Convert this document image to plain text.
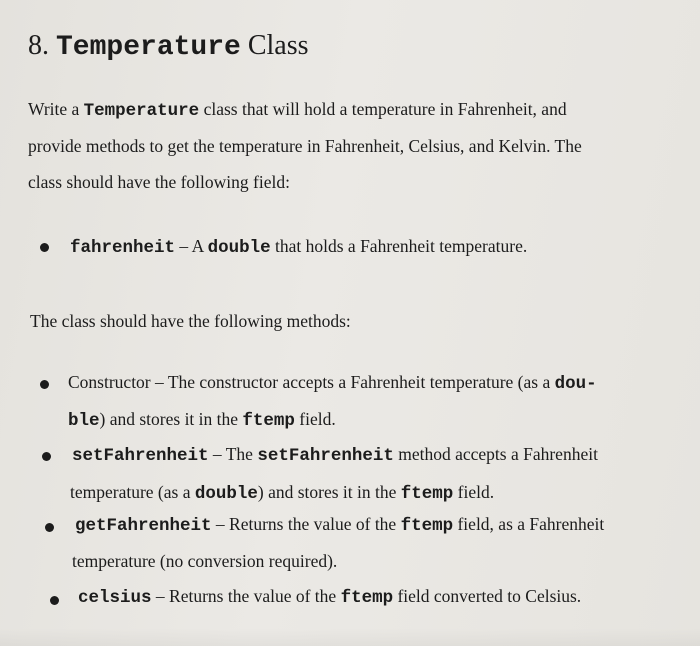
8. Temperature Class
Write a Temperature class that will hold a temperature in Fahrenheit, and
provide methods to get the temperature in Fahrenheit, Celsius, and Kelvin. The
class should have the following field:
fahrenheit – A double that holds a Fahrenheit temperature.
The class should have the following methods:
Constructor – The constructor accepts a Fahrenheit temperature (as a dou-
ble) and stores it in the ftemp field.
setFahrenheit – The setFahrenheit method accepts a Fahrenheit
temperature (as a double) and stores it in the ftemp field.
getFahrenheit – Returns the value of the ftemp field, as a Fahrenheit
temperature (no conversion required).
celsius – Returns the value of the ftemp field converted to Celsius.
